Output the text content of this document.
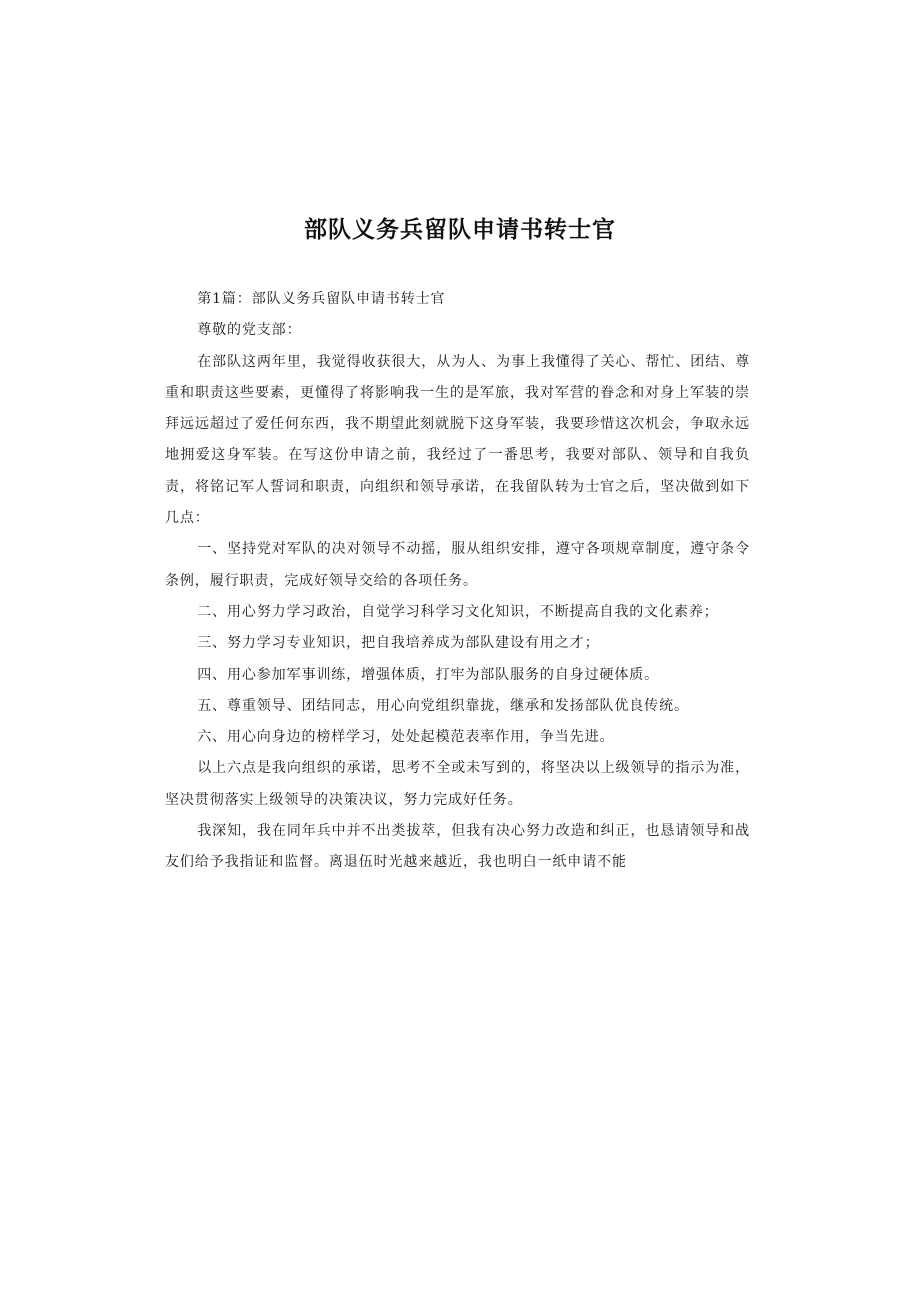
部队义务兵留队申请书转士官

第1篇：部队义务兵留队申请书转士官

尊敬的党支部：

在部队这两年里，我觉得收获很大，从为人、为事上我懂得了关心、帮忙、团结、尊重和职责这些要素，更懂得了将影响我一生的是军旅，我对军营的眷念和对身上军装的崇拜远远超过了爱任何东西，我不期望此刻就脱下这身军装，我要珍惜这次机会，争取永远地拥爱这身军装。在写这份申请之前，我经过了一番思考，我要对部队、领导和自我负责，将铭记军人誓词和职责，向组织和领导承诺，在我留队转为士官之后，坚决做到如下几点：

一、坚持党对军队的决对领导不动摇，服从组织安排，遵守各项规章制度，遵守条令条例，履行职责，完成好领导交给的各项任务。

二、用心努力学习政治，自觉学习科学习文化知识，不断提高自我的文化素养；

三、努力学习专业知识，把自我培养成为部队建设有用之才；

四、用心参加军事训练，增强体质，打牢为部队服务的自身过硬体质。

五、尊重领导、团结同志，用心向党组织靠拢，继承和发扬部队优良传统。

六、用心向身边的榜样学习，处处起模范表率作用，争当先进。

以上六点是我向组织的承诺，思考不全或未写到的，将坚决以上级领导的指示为准，坚决贯彻落实上级领导的决策决议，努力完成好任务。

我深知，我在同年兵中并不出类拔萃，但我有决心努力改造和纠正，也恳请领导和战友们给予我指证和监督。离退伍时光越来越近，我也明白一纸申请不能
